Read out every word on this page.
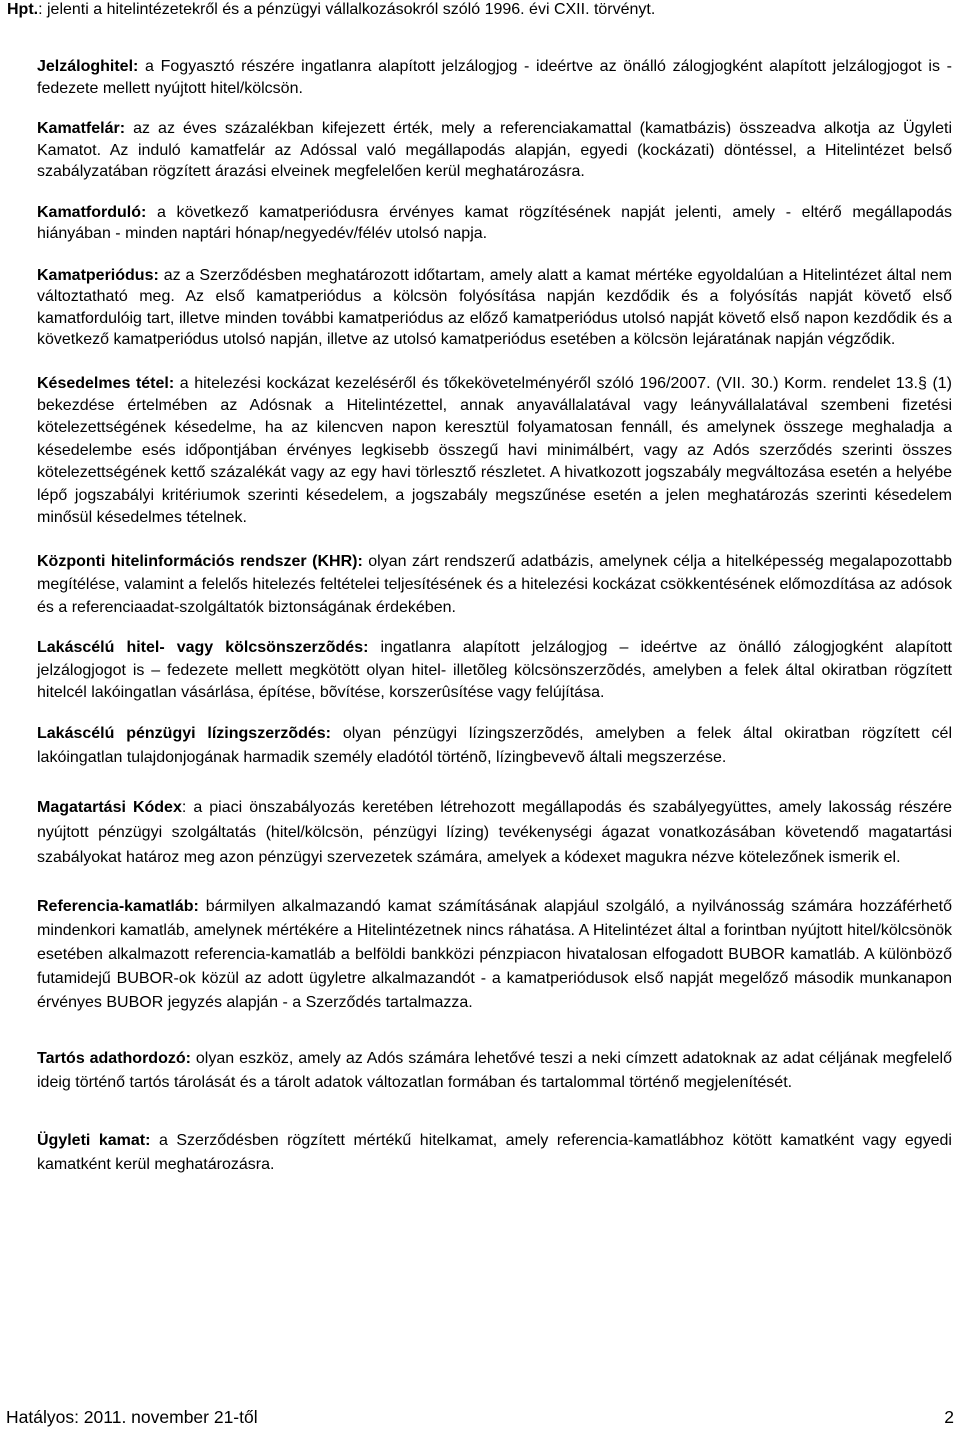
Hpt.: jelenti a hitelintézetekről és a pénzügyi vállalkozásokról szóló 1996. évi CXII. törvényt.

Jelzáloghitel: a Fogyasztó részére ingatlanra alapított jelzálogjog - ideértve az önálló zálogjogként alapított jelzálogjogot is - fedezete mellett nyújtott hitel/kölcsön.

Kamatfelár: az az éves százalékban kifejezett érték, mely a referenciakamattal (kamatbázis) összeadva alkotja az Ügyleti Kamatot. Az induló kamatfelár az Adóssal való megállapodás alapján, egyedi (kockázati) döntéssel, a Hitelintézet belső szabályzatában rögzített árazási elveinek megfelelően kerül meghatározásra.

Kamatforduló: a következő kamatperiódusra érvényes kamat rögzítésének napját jelenti, amely - eltérő megállapodás hiányában - minden naptári hónap/negyedév/félév utolsó napja.

Kamatperiódus: az a Szerződésben meghatározott időtartam, amely alatt a kamat mértéke egyoldalúan a Hitelintézet által nem változtatható meg. Az első kamatperiódus a kölcsön folyósítása napján kezdődik és a folyósítás napját követő első kamatfordulóig tart, illetve minden további kamatperiódus az előző kamatperiódus utolsó napját követő első napon kezdődik és a következő kamatperiódus utolsó napján, illetve az utolsó kamatperiódus esetében a kölcsön lejáratának napján végződik.

Késedelmes tétel: a hitelezési kockázat kezeléséről és tőkekövetelményéről szóló 196/2007. (VII. 30.) Korm. rendelet 13.§ (1) bekezdése értelmében az Adósnak a Hitelintézettel, annak anyavállalatával vagy leányvállalatával szembeni fizetési kötelezettségének késedelme, ha az kilencven napon keresztül folyamatosan fennáll, és amelynek összege meghaladja a késedelembe esés időpontjában érvényes legkisebb összegű havi minimálbért, vagy az Adós szerződés szerinti összes kötelezettségének kettő százalékát vagy az egy havi törlesztő részletet. A hivatkozott jogszabály megváltozása esetén a helyébe lépő jogszabályi kritériumok szerinti késedelem, a jogszabály megszűnése esetén a jelen meghatározás szerinti késedelem minősül késedelmes tételnek.

Központi hitelinformációs rendszer (KHR): olyan zárt rendszerű adatbázis, amelynek célja a hitelképesség megalapozottabb megítélése, valamint a felelős hitelezés feltételei teljesítésének és a hitelezési kockázat csökkentésének előmozdítása az adósok és a referenciaadat-szolgáltatók biztonságának érdekében.

Lakáscélú hitel- vagy kölcsönszerzõdés: ingatlanra alapított jelzálogjog – ideértve az önálló zálogjogként alapított jelzálogjogot is – fedezete mellett megkötött olyan hitel- illetõleg kölcsönszerzõdés, amelyben a felek által okiratban rögzített hitelcél lakóingatlan vásárlása, építése, bõvítése, korszerûsítése vagy felújítása.

Lakáscélú pénzügyi lízingszerzõdés: olyan pénzügyi lízingszerzõdés, amelyben a felek által okiratban rögzített cél lakóingatlan tulajdonjogának harmadik személy eladótól történõ, lízingbevevõ általi megszerzése.

Magatartási Kódex: a piaci önszabályozás keretében létrehozott megállapodás és szabályegyüttes, amely lakosság részére nyújtott pénzügyi szolgáltatás (hitel/kölcsön, pénzügyi lízing) tevékenységi ágazat vonatkozásában követendő magatartási szabályokat határoz meg azon pénzügyi szervezetek számára, amelyek a kódexet magukra nézve kötelezőnek ismerik el.

Referencia-kamatláb: bármilyen alkalmazandó kamat számításának alapjául szolgáló, a nyilvánosság számára hozzáférhető mindenkori kamatláb, amelynek mértékére a Hitelintézetnek nincs ráhatása. A Hitelintézet által a forintban nyújtott hitel/kölcsönök esetében alkalmazott referencia-kamatláb a belföldi bankközi pénzpiacon hivatalosan elfogadott BUBOR kamatláb. A különböző futamidejű BUBOR-ok közül az adott ügyletre alkalmazandót - a kamatperiódusok első napját megelőző második munkanapon érvényes BUBOR jegyzés alapján - a Szerződés tartalmazza.

Tartós adathordozó: olyan eszköz, amely az Adós számára lehetővé teszi a neki címzett adatoknak az adat céljának megfelelő ideig történő tartós tárolását és a tárolt adatok változatlan formában és tartalommal történő megjelenítését.

Ügyleti kamat: a Szerződésben rögzített mértékű hitelkamat, amely referencia-kamatlábhoz kötött kamatként vagy egyedi kamatként kerül meghatározásra.

Hatályos: 2011. november 21-től	2
